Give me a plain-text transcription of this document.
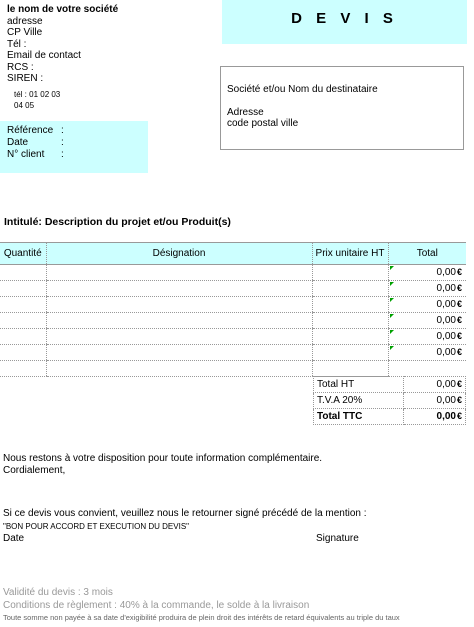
le nom de votre société
adresse
CP Ville
Tél :
Email de contact
RCS :
SIREN :
tél : 01 02 03
04 05
Référence :
Date	:
N° client :
D E V I S
Société et/ou Nom du destinataire
Adresse
code postal ville
Intitulé: Description du projet et/ou Produit(s)
Quantité	Désignation	Prix unitaire HT	Total
			0,00€
			0,00€
			0,00€
			0,00€
			0,00€
			0,00€

Total HT	0,00€
T.V.A 20%	0,00€
Total TTC	0,00€
Nous restons à votre disposition pour toute information complémentaire.
Cordialement,
Si ce devis vous convient, veuillez nous le retourner signé précédé de la mention :
"BON POUR ACCORD ET EXECUTION DU DEVIS"
Date	Signature
Validité du devis : 3 mois
Conditions de règlement : 40% à la commande, le solde à la livraison
Toute somme non payée à sa date d'exigibilité produira de plein droit des intérêts de retard équivalents au triple du taux
